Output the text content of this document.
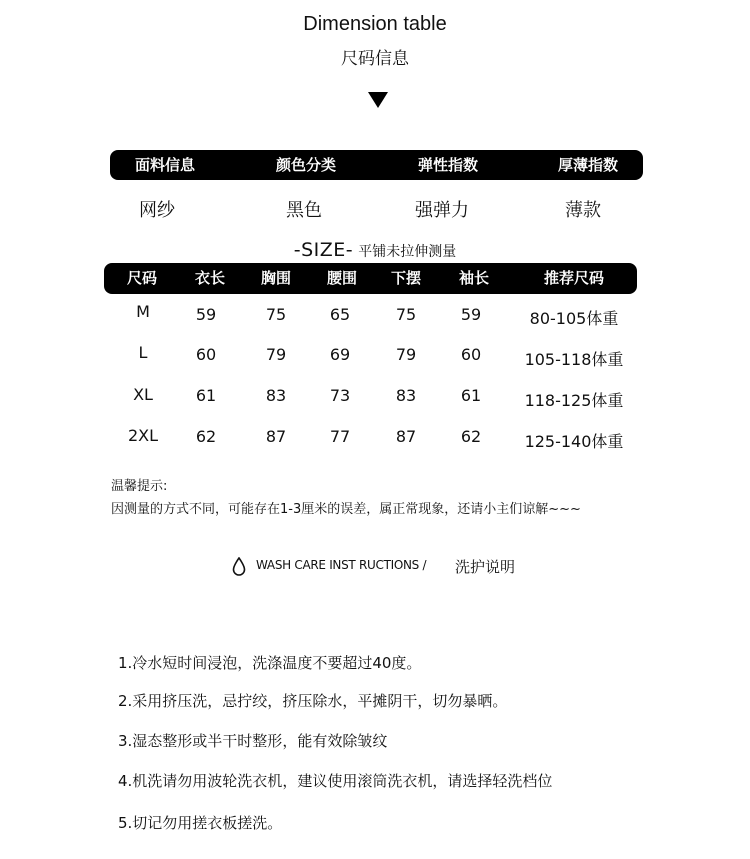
Dimension table
尺码信息
面料信息	颜色分类	弹性指数	厚薄指数
网纱	黑色	强弹力	薄款
-SIZE- 平铺未拉伸测量
尺码	衣长	胸围	腰围	下摆	袖长	推荐尺码
M	59	75	65	75	59	80-105体重
L	60	79	69	79	60	105-118体重
XL	61	83	73	83	61	118-125体重
2XL	62	87	77	87	62	125-140体重
温馨提示:
因测量的方式不同，可能存在1-3厘米的误差，属正常现象，还请小主们谅解~~~
WASH CARE INST RUCTIONS / 洗护说明
1.冷水短时间浸泡，洗涤温度不要超过40度。
2.采用挤压洗，忌拧绞，挤压除水，平摊阴干，切勿暴晒。
3.湿态整形或半干时整形，能有效除皱纹
4.机洗请勿用波轮洗衣机，建议使用滚筒洗衣机，请选择轻洗档位
5.切记勿用搓衣板搓洗。
